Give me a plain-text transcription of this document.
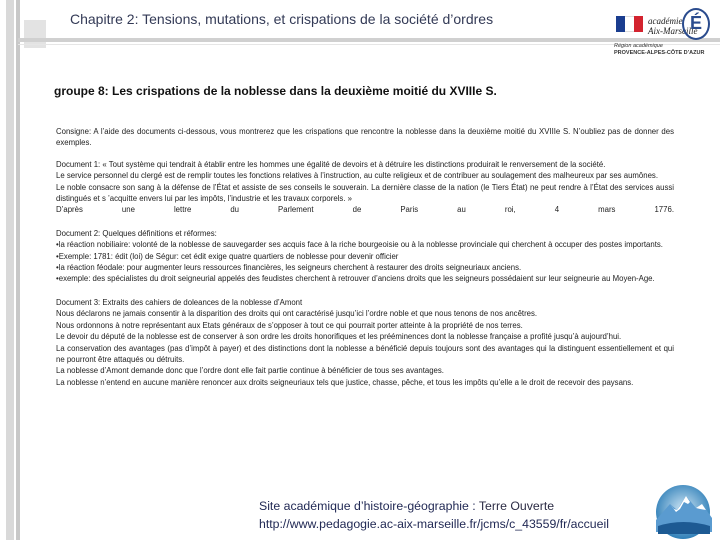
Chapitre 2: Tensions, mutations, et crispations de la société d’ordres	académie
Aix-Marseille
É
Région académique
PROVENCE-ALPES-CÔTE D’AZUR
groupe 8: Les crispations de la noblesse dans la deuxième moitié du XVIIIe S.

Consigne: A l’aide des documents ci-dessous, vous montrerez que les crispations que rencontre la noblesse dans la deuxième moitié du XVIIIe S. N’oubliez pas de donner des exemples.

Document 1: « Tout système qui tendrait à établir entre les hommes une égalité de devoirs et à détruire les distinctions produirait le renversement de la société.

Le service personnel du clergé est de remplir toutes les fonctions relatives à l’instruction, au culte religieux et de contribuer au soulagement des malheureux par ses aumônes.

Le noble consacre son sang à la défense de l’État et assiste de ses conseils le souverain. La dernière classe de la nation (le Tiers État) ne peut rendre à l’État des services aussi distingués et s ’acquitte envers lui par les impôts, l’industrie et les travaux corporels. »

D’après	une	lettre	du	Parlement	de	Paris	au	roi,	4	mars	1776.

Document 2: Quelques définitions et réformes:

•la réaction nobiliaire: volonté de la noblesse de sauvegarder ses acquis face à la riche bourgeoisie ou à la noblesse provinciale qui cherchent à occuper des postes importants.

•Exemple: 1781: édit (loi) de Ségur: cet édit exige quatre quartiers de noblesse pour devenir officier

•la réaction féodale: pour augmenter leurs ressources financières, les seigneurs cherchent à restaurer des droits seigneuriaux anciens.

•exemple: des spécialistes du droit seigneurial appelés des feudistes cherchent à retrouver d’anciens droits que les seigneurs possédaient sur leur seigneurie au Moyen-Age.

Document 3: Extraits des cahiers de doleances de la noblesse d’Amont

Nous déclarons ne jamais consentir à la disparition des droits qui ont caractérisé jusqu’ici l’ordre noble et que nous tenons de nos ancêtres.

Nous ordonnons à notre représentant aux Etats généraux de s’opposer à tout ce qui pourrait porter atteinte à la propriété de nos terres.

Le devoir du député de la noblesse est de conserver à son ordre les droits honorifiques et les prééminences dont la noblesse française a profité jusqu’à aujourd’hui.

La conservation des avantages (pas d’impôt à payer) et des distinctions dont la noblesse a bénéficié depuis toujours sont des avantages qui la distinguent essentiellement et qui ne pourront être attaqués ou détruits.

La noblesse d’Amont demande donc que l’ordre dont elle fait partie continue à bénéficier de tous ses avantages.

La noblesse n’entend en aucune manière renoncer aux droits seigneuriaux tels que justice, chasse, pêche, et tous les impôts qu’elle a le droit de recevoir des paysans.

Site académique d’histoire-géographie : Terre Ouverte
http://www.pedagogie.ac-aix-marseille.fr/jcms/c_43559/fr/accueil
